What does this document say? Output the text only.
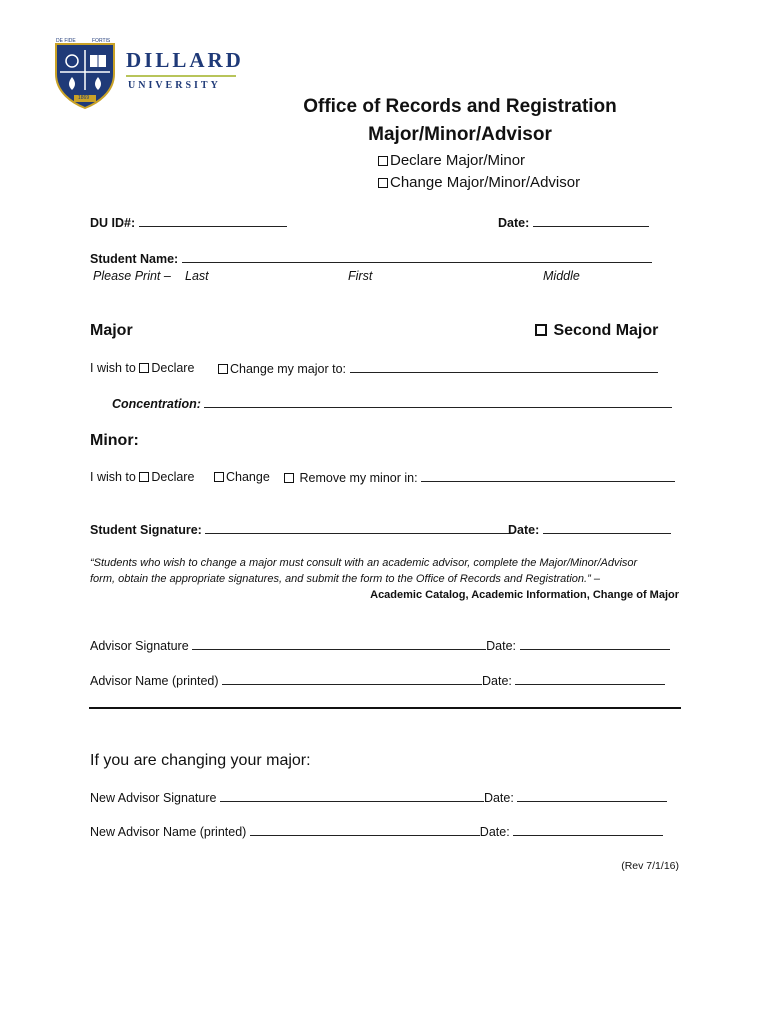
DE FIDE	FORTIS
1869
DILLARD
UNIVERSITY
Office of Records and Registration
Major/Minor/Advisor
Declare Major/Minor
Change Major/Minor/Advisor
DU ID#:	Date:
Student Name:
Please Print – Last	First	Middle
Major	Second Major
I wish to Declare	Change my major to:
Concentration:
Minor:
I wish to Declare	Change	Remove my minor in:
Student Signature:	Date:
“Students who wish to change a major must consult with an academic advisor, complete the Major/Minor/Advisor
form, obtain the appropriate signatures, and submit the form to the Office of Records and Registration.” –
Academic Catalog, Academic Information, Change of Major
Advisor Signature	Date:
Advisor Name (printed)	Date:
If you are changing your major:
New Advisor Signature	Date:
New Advisor Name (printed)	Date:
(Rev 7/1/16)
